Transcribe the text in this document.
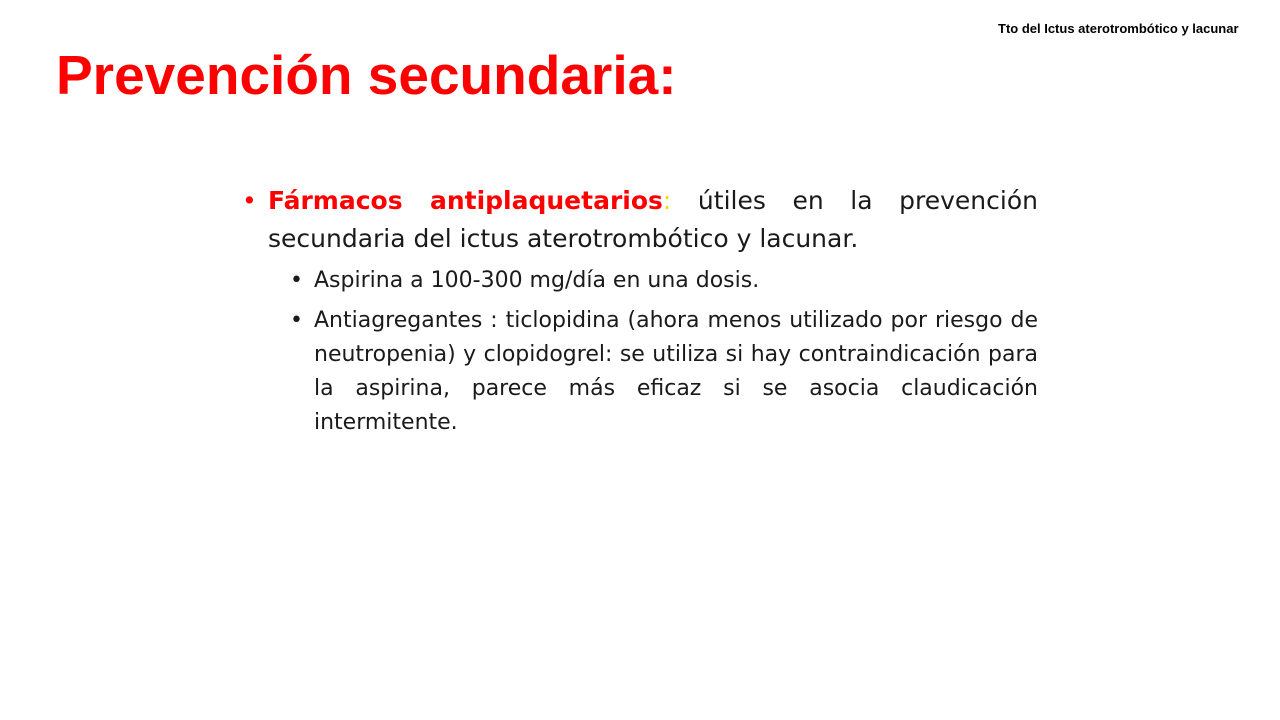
Tto del Ictus aterotrombótico y lacunar
Prevención secundaria:

• Fármacos antiplaquetarios: útiles en la prevención secundaria del ictus aterotrombótico y lacunar.

• Aspirina a 100-300 mg/día en una dosis.
• Antiagregantes : ticlopidina (ahora menos utilizado por riesgo de neutropenia) y clopidogrel: se utiliza si hay contraindicación para la aspirina, parece más eficaz si se asocia claudicación intermitente.
